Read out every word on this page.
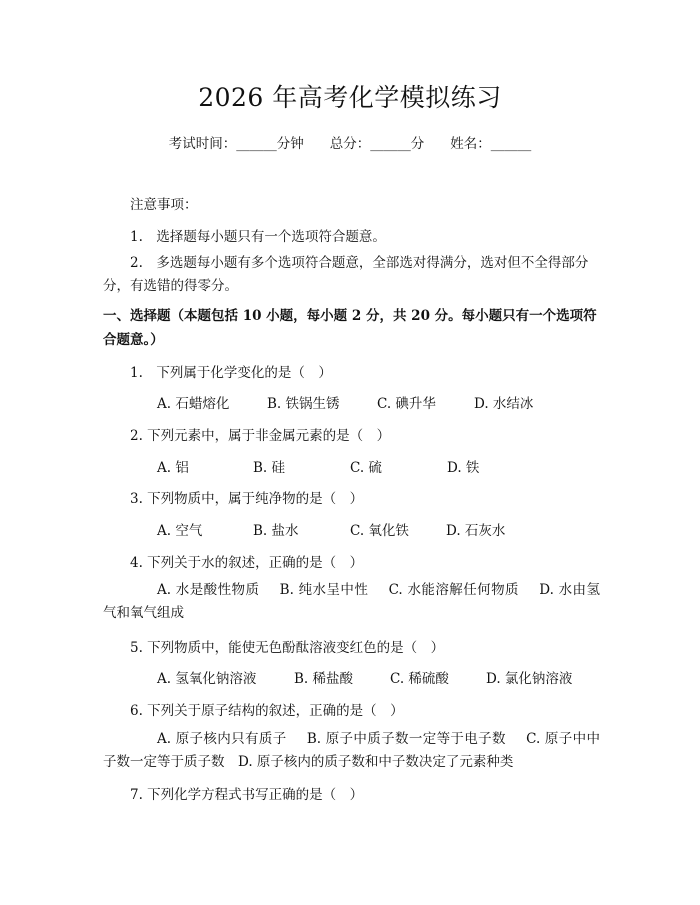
2026 年高考化学模拟练习
考试时间：______分钟 总分：______分 姓名：______
注意事项：
1.　选择题每小题只有一个选项符合题意。
2.　多选题每小题有多个选项符合题意，全部选对得满分，选对但不全得部分分，有选错的得零分。
一、选择题（本题包括 10 小题，每小题 2 分，共 20 分。每小题只有一个选项符合题意。）
1.　下列属于化学变化的是（　）
A. 石蜡熔化	B. 铁锅生锈	C. 碘升华	D. 水结冰
2. 下列元素中，属于非金属元素的是（　）
A. 铝	B. 硅	C. 硫	D. 铁
3. 下列物质中，属于纯净物的是（　）
A. 空气	B. 盐水	C. 氧化铁	D. 石灰水
4. 下列关于水的叙述，正确的是（　）
A. 水是酸性物质   B. 纯水呈中性   C. 水能溶解任何物质   D. 水由氢气和氧气组成
5. 下列物质中，能使无色酚酞溶液变红色的是（　）
A. 氢氧化钠溶液	B. 稀盐酸	C. 稀硫酸	D. 氯化钠溶液
6. 下列关于原子结构的叙述，正确的是（　）
A. 原子核内只有质子   B. 原子中质子数一定等于电子数   C. 原子中中子数一定等于质子数  D. 原子核内的质子数和中子数决定了元素种类
7. 下列化学方程式书写正确的是（　）
